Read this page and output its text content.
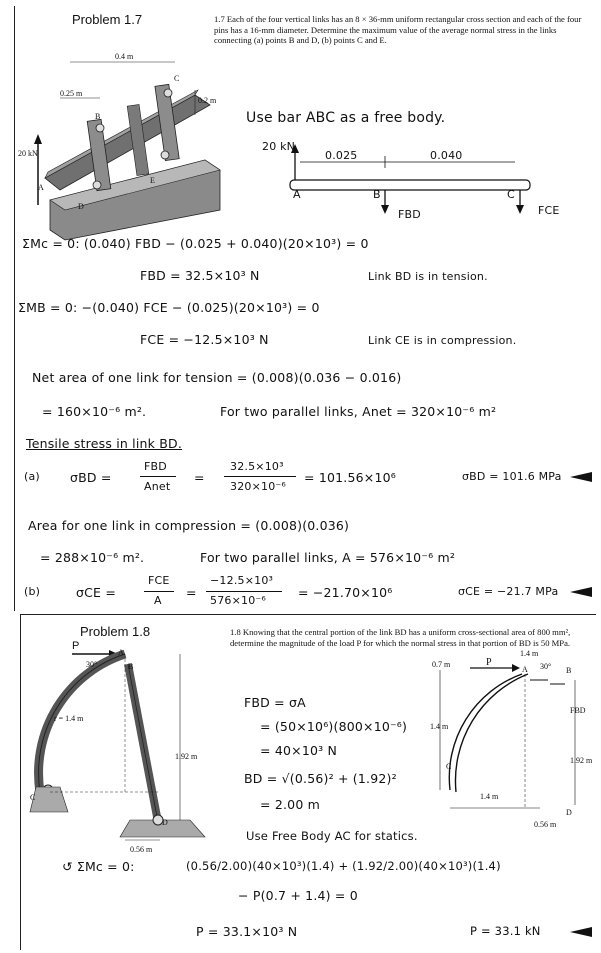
Problem 1.7	1.7 Each of the four vertical links has an 8 × 36-mm uniform rectangular cross section and each of the four pins has a 16-mm diameter. Determine the maximum value of the average normal stress in the links connecting (a) points B and D, (b) points C and E.
0.4 m
0.25 m
0.2 m
20 kN
A
B
C
D
E
Use bar ABC as a free body.
20 kN
0.025	0.040
A	B	C
FBD	FCE
ΣMc = 0: (0.040) FBD − (0.025 + 0.040)(20×10³) = 0
FBD = 32.5×10³ N	Link BD is in tension.
ΣMB = 0: −(0.040) FCE − (0.025)(20×10³) = 0
FCE = −12.5×10³ N	Link CE is in compression.
Net area of one link for tension = (0.008)(0.036 − 0.016)
= 160×10⁻⁶ m².	For two parallel links, Anet = 320×10⁻⁶ m²
Tensile stress in link BD.
(a) σBD =
FBD
Anet
=
32.5×10³
320×10⁻⁶
= 101.56×10⁶	σBD = 101.6 MPa
Area for one link in compression = (0.008)(0.036)
= 288×10⁻⁶ m².	For two parallel links, A = 576×10⁻⁶ m²
(b)	σCE =
FCE
A
=
−12.5×10³
576×10⁻⁶
= −21.70×10⁶	σCE = −21.7 MPa
Problem 1.8	1.8 Knowing that the central portion of the link BD has a uniform cross-sectional area of 800 mm², determine the magnitude of the load P for which the normal stress in that portion of BD is 50 MPa.
P
A
B
C
D
30°
r = 1.4 m
1.92 m
0.56 m
P
A	B
C
D
0.7 m
1.4 m
30°
1.4 m
1.4 m
1.92 m
0.56 m
FBD
FBD = σA
= (50×10⁶)(800×10⁻⁶)
= 40×10³ N
BD = √(0.56)² + (1.92)²
= 2.00 m
Use Free Body AC for statics.
↺ ΣMc = 0:	(0.56/2.00)(40×10³)(1.4) + (1.92/2.00)(40×10³)(1.4)
− P(0.7 + 1.4) = 0
P = 33.1×10³ N	P = 33.1 kN
